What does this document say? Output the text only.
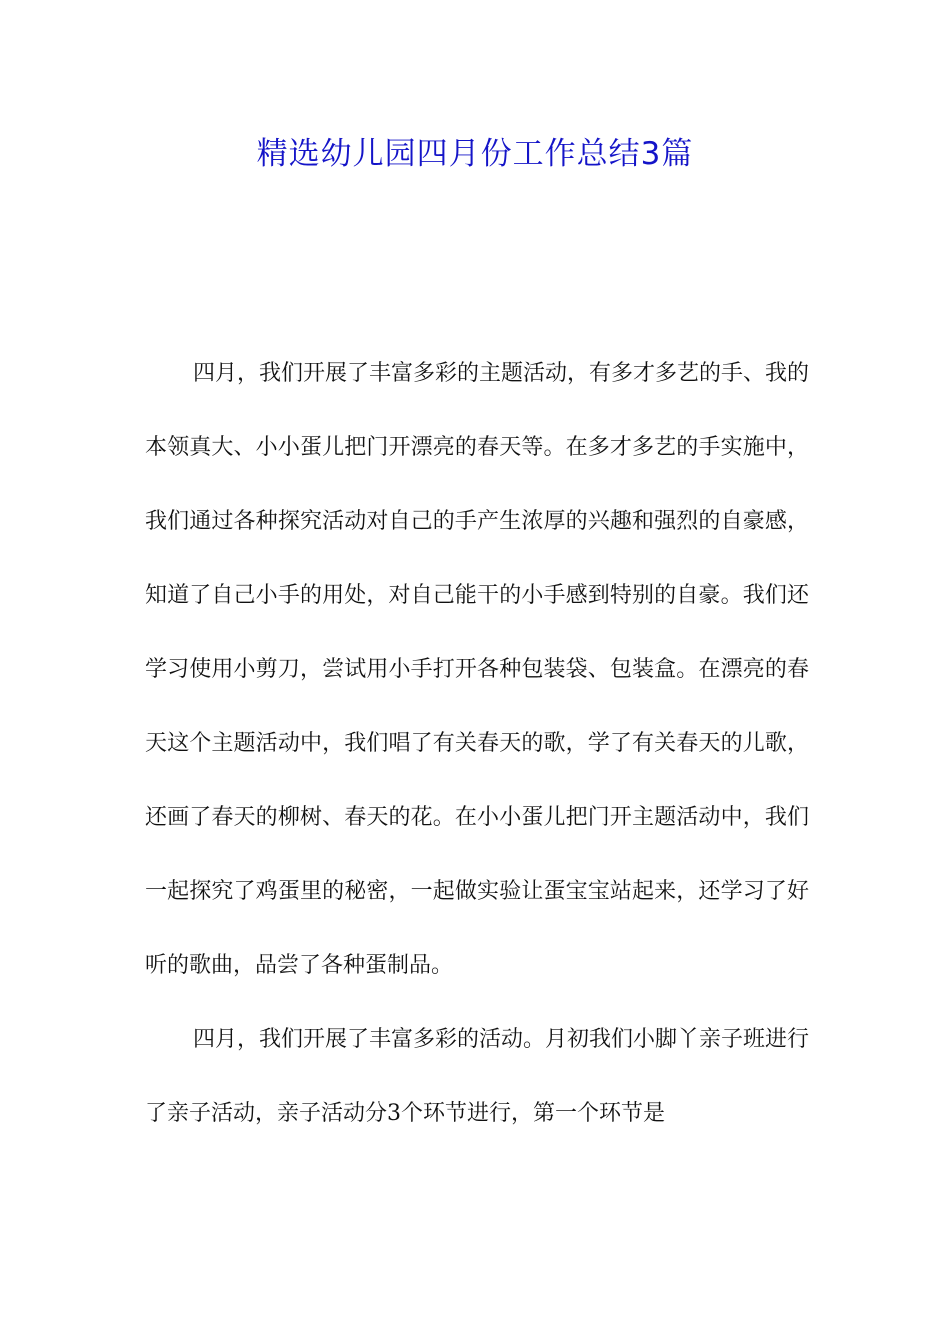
精选幼儿园四月份工作总结3篇

四月，我们开展了丰富多彩的主题活动，有多才多艺的手、我的本领真大、小小蛋儿把门开漂亮的春天等。在多才多艺的手实施中，我们通过各种探究活动对自己的手产生浓厚的兴趣和强烈的自豪感，知道了自己小手的用处，对自己能干的小手感到特别的自豪。我们还学习使用小剪刀，尝试用小手打开各种包装袋、包装盒。在漂亮的春天这个主题活动中，我们唱了有关春天的歌，学了有关春天的儿歌，还画了春天的柳树、春天的花。在小小蛋儿把门开主题活动中，我们一起探究了鸡蛋里的秘密，一起做实验让蛋宝宝站起来，还学习了好听的歌曲，品尝了各种蛋制品。

四月，我们开展了丰富多彩的活动。月初我们小脚丫亲子班进行了亲子活动，亲子活动分3个环节进行，第一个环节是
